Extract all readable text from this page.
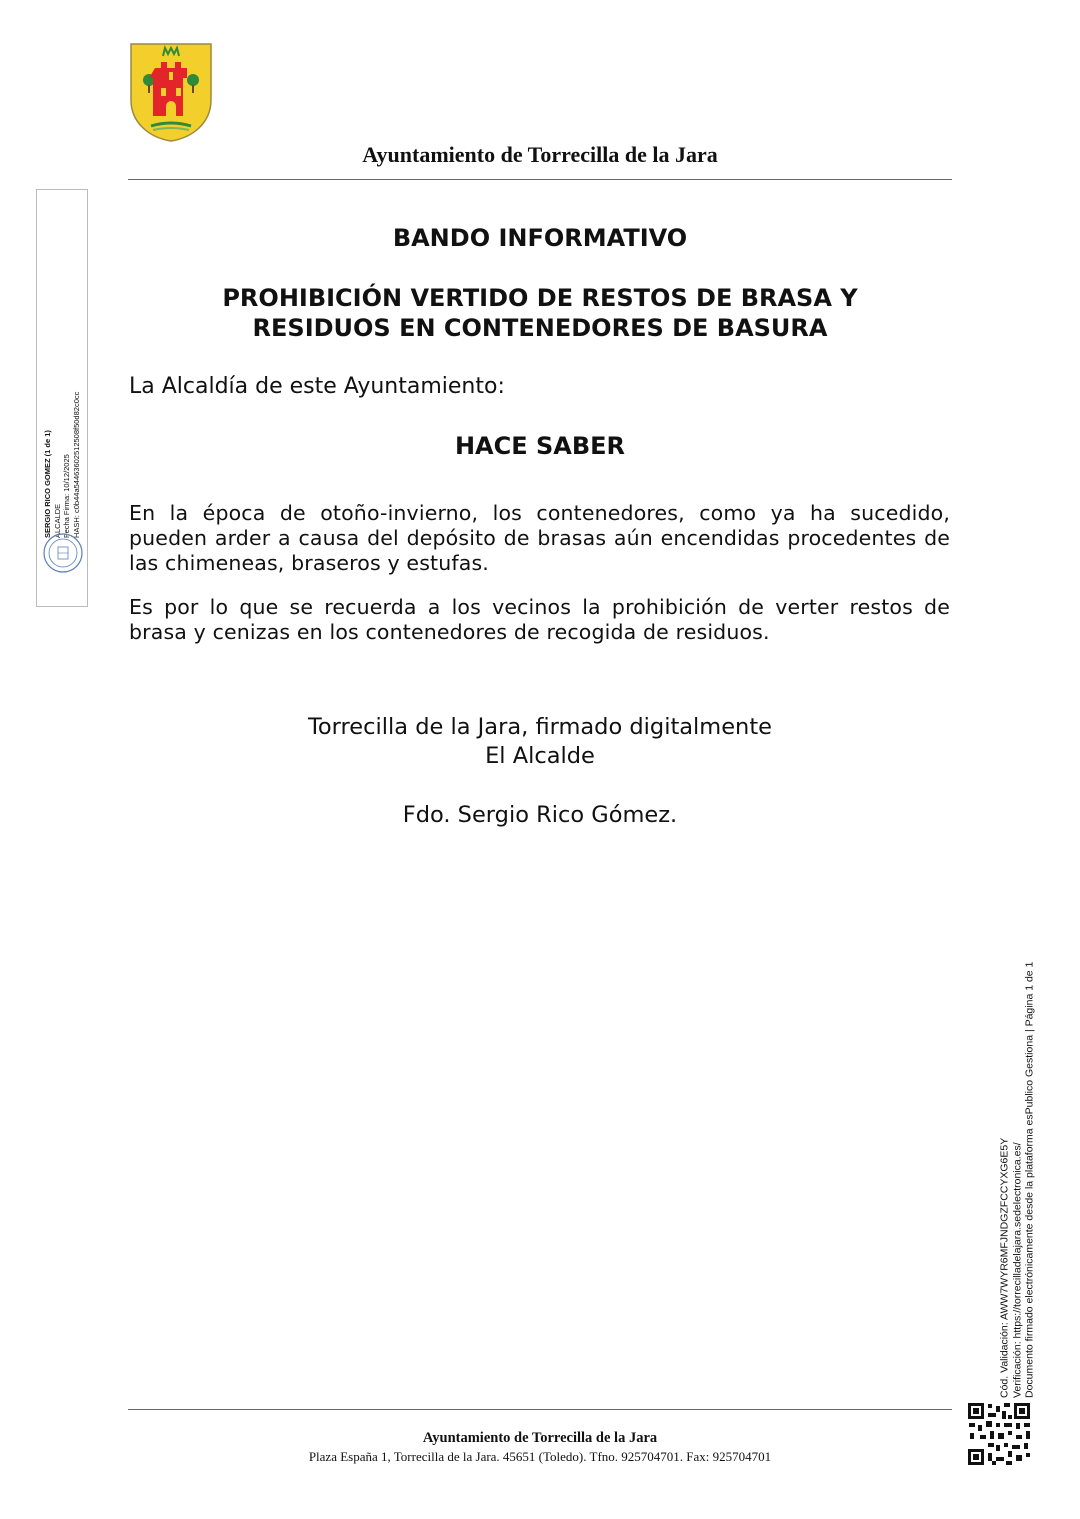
Ayuntamiento de Torrecilla de la Jara
SERGIO RICO GOMEZ (1 de 1) ALCALDE Fecha Firma: 10/12/2025 HASH: c0b44a54463602512508f50d82c0cc
BANDO INFORMATIVO
PROHIBICIÓN VERTIDO DE RESTOS DE BRASA Y
RESIDUOS EN CONTENEDORES DE BASURA
La Alcaldía de este Ayuntamiento:
HACE SABER
En la época de otoño-invierno, los contenedores, como ya ha sucedido, pueden arder a causa del depósito de brasas aún encendidas procedentes de las chimeneas, braseros y estufas.
Es por lo que se recuerda a los vecinos la prohibición de verter restos de brasa y cenizas en los contenedores de recogida de residuos.
Torrecilla de la Jara, firmado digitalmente
El Alcalde
Fdo. Sergio Rico Gómez.
Cód. Validación: AWW7WYR6MFJNDGZFCCYXG6E5Y Verificación: https://torrecilladelajara.sedelectronica.es/ Documento firmado electrónicamente desde la plataforma esPublico Gestiona | Página 1 de 1
Ayuntamiento de Torrecilla de la Jara
Plaza España 1, Torrecilla de la Jara. 45651 (Toledo). Tfno. 925704701. Fax: 925704701
